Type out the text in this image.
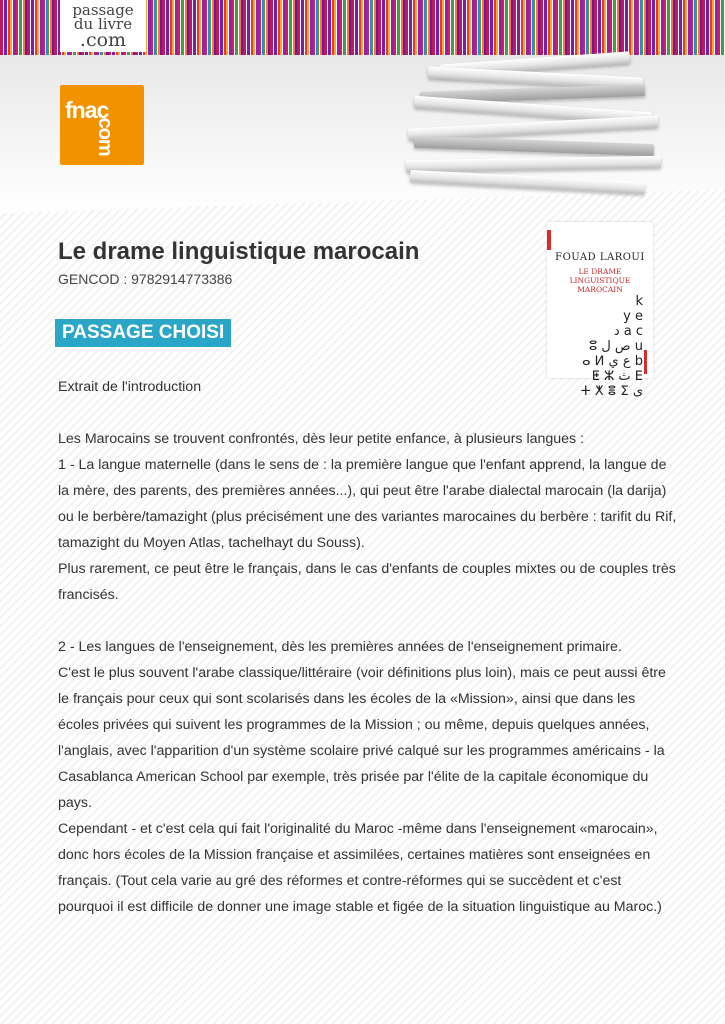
passage
du livre
.com
fnac
.com
Le drame linguistique marocain
GENCOD : 9782914773386
PASSAGE CHOISI
FOUAD LAROUI
LE DRAME
LINGUISTIQUE
MAROCAIN
k
y e
د a c
ⵓ ص ل u
ⴰ ⵍ ع ي b
ⵟ ⵣ ث ⴹ
ⵜ ⵅ ⴻ ⵉ ى

Extrait de l'introduction

Les Marocains se trouvent confrontés, dès leur petite enfance, à plusieurs langues :

1 - La langue maternelle (dans le sens de : la première langue que l'enfant apprend, la langue de la mère, des parents, des premières années...), qui peut être l'arabe dialectal marocain (la darija) ou le berbère/tamazight (plus précisément une des variantes marocaines du berbère : tarifit du Rif, tamazight du Moyen Atlas, tachelhayt du Souss).

Plus rarement, ce peut être le français, dans le cas d'enfants de couples mixtes ou de couples très francisés.

2 - Les langues de l'enseignement, dès les premières années de l'enseignement primaire.

C'est le plus souvent l'arabe classique/littéraire (voir définitions plus loin), mais ce peut aussi être le français pour ceux qui sont scolarisés dans les écoles de la «Mission», ainsi que dans les écoles privées qui suivent les programmes de la Mission ; ou même, depuis quelques années, l'anglais, avec l'apparition d'un système scolaire privé calqué sur les programmes américains - la Casablanca American School par exemple, très prisée par l'élite de la capitale économique du pays.

Cependant - et c'est cela qui fait l'originalité du Maroc -même dans l'enseignement «marocain», donc hors écoles de la Mission française et assimilées, certaines matières sont enseignées en français. (Tout cela varie au gré des réformes et contre-réformes qui se succèdent et c'est pourquoi il est difficile de donner une image stable et figée de la situation linguistique au Maroc.)
